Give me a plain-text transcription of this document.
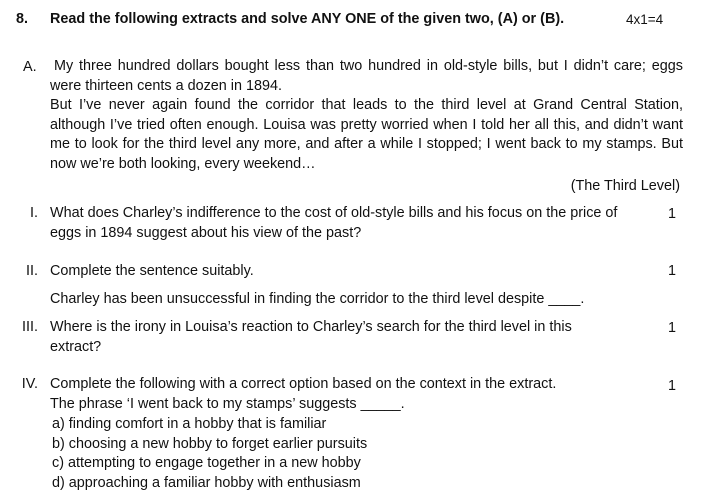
8. Read the following extracts and solve ANY ONE of the given two, (A) or (B).	4x1=4
A. My three hundred dollars bought less than two hundred in old-style bills, but I didn’t care; eggs were thirteen cents a dozen in 1894.
But I’ve never again found the corridor that leads to the third level at Grand Central Station, although I’ve tried often enough. Louisa was pretty worried when I told her all this, and didn’t want me to look for the third level any more, and after a while I stopped; I went back to my stamps. But now we’re both looking, every weekend…
(The Third Level)
I. What does Charley’s indifference to the cost of old-style bills and his focus on the price of eggs in 1894 suggest about his view of the past?
1
II. Complete the sentence suitably.	1
Charley has been unsuccessful in finding the corridor to the third level despite ____.
III. Where is the irony in Louisa’s reaction to Charley’s search for the third level in this extract?
1
IV. Complete the following with a correct option based on the context in the extract.	1
The phrase ‘I went back to my stamps’ suggests _____.
a) finding comfort in a hobby that is familiar
b) choosing a new hobby to forget earlier pursuits
c) attempting to engage together in a new hobby
d) approaching a familiar hobby with enthusiasm
